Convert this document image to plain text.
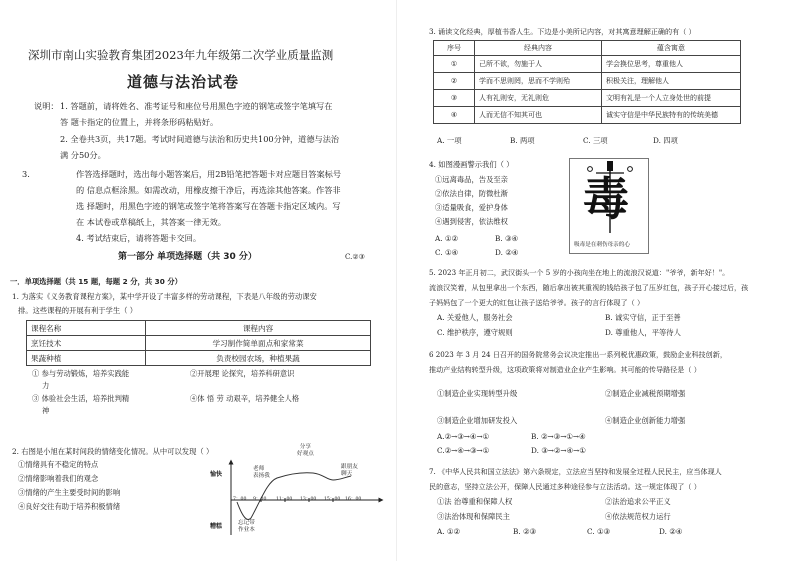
深圳市南山实验教育集团2023年九年级第二次学业质量监测
道德与法治试卷
说明： 1. 答题前，请将姓名、准考证号和座位号用黑色字迹的钢笔或签字笔填写在
答 题卡指定的位置上，并将条形码粘贴好。
2. 全卷共3页，共17题。考试时间道德与法治和历史共100分钟，道德与法治
满 分50分。
3.	作答选择题时，选出每小题答案后，用2B铅笔把答题卡对应题目答案标号
的 信息点框涂黑。如需改动，用橡皮擦干净后，再选涂其他答案。作答非
选 择题时，用黑色字迹的钢笔或签字笔将答案写在答题卡指定区域内。写
在 本试卷或草稿纸上，其答案一律无效。
4. 考试结束后，请将答题卡交回。
第一部分 单项选择题（共 30 分）	C.②③
一．单项选择题（共 15 题，每题 2 分，共 30 分）
1. 为落实《义务教育课程方案》，某中学开设了丰富多样的劳动课程，下表是八年级的劳动课安
排。这些课程的开展有利于学生（ ）
课程名称	课程内容
烹饪技术	学习制作简单面点和家常菜
果蔬种植	负责校园农场，种植果蔬
① 参与劳动锻炼，培养实践能
力
②开展理 论探究，培养科研意识
③ 体验社会生活，培养批判精
神
④体 悟 劳 动艰辛，培养健全人格
2. 右图是小旭在某时间段的情绪变化情况。从中可以发现（ ）
①情绪具有不稳定的特点
②情绪影响着我们的观念
③情绪的产生主要受时间的影响
④良好交往有助于培养积极情绪
愉快
糟糕
7：00 9：00 11：00 13：00 15：00 16：00
老师
表扬我
分享
好观点
跟朋友
聊天
忘记带
作业本
3. 诵读文化经典，厚植书香人生。下边是小美所记内容，对其寓意理解正确的有（ ）
序号	经典内容	蕴含寓意
①	己所不欲，勿施于人	学会换位思考，尊重他人
②	学而不思则罔，思而不学则殆	积极关注，理解他人
③	人有礼则安，无礼则危	文明有礼是一个人立身处世的前提
④	人而无信不知其可也	诚实守信是中华民族特有的传统美德
A. 一项	B. 两项	C. 三项	D. 四项
4. 如图漫画警示我们（ ）
①远离毒品，告及至亲
②依法自律，防微杜渐
③适量吸食，爱护身体
④遇到侵害，依法维权
A. ①②	B. ③④
C. ①④	D. ②④
毒
吸毒是在刺伤母亲的心
5. 2023 年正月初二，武汉街头一个 5 岁的小孩向坐在地上的流浪汉说道："爷爷，新年好！"。
流浪汉笑着，从包里拿出一个东西，随后拿出被其重视的钱给孩子包了压岁红包，孩子开心接过后，孩
子妈妈包了一个更大的红包让孩子送给爷爷。孩子的言行体现了（ ）
A. 关爱他人，服务社会	B. 诚实守信，正于至善
C. 维护秩序，遵守规则	D. 尊重他人，平等待人
6 2023 年 3 月 24 日召开的国务院常务会议决定推出一系列税优惠政策，鼓励企业科技创新，
推动产业结构转型升级，这项政策将对制造业企业产生影响。其可能的传导路径是（ ）
①制造企业实现转型升级	②制造企业减税预期增强
③制造企业增加研发投入	④制造企业创新能力增强
A.②→③→④→①	B. ②→③→①→④
C.②→④→③→①	D. ③→②→④→①
7. 《中华人民共和国立法法》第六条规定，立法应当坚持和发展全过程人民民主，应当体现人
民的意志，坚持立法公开，保障人民通过多种途径参与立法活动。这一规定体现了（ ）
①法 治尊重和保障人权	②法治追求公平正义
③法治体现和保障民主	④依法规范权力运行
A. ①②	B. ②③	C. ①③	D. ②④
